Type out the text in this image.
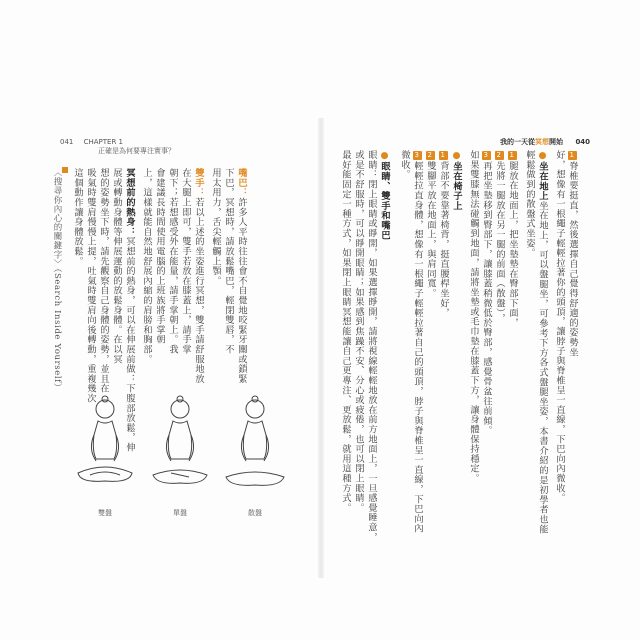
041 CHAPTER 1
正確是為何要專注實事？
我的一天從冥想開始 040
嘴巴：許多人平時往往會不自覺地咬緊牙關或鎖緊
下巴，冥想時，請放鬆嘴巴，輕閉雙唇，不
用太用力，舌尖輕觸上顎。
雙手：若以上述的坐姿進行冥想，雙手請舒服地放
在大腿上即可，雙手若放在膝蓋上，請手掌
朝下；若想感受外在能量，請手掌朝上。我
會建議長時間使用電腦的上班族將手掌朝
上，這樣就能自然地舒展內縮的肩膀和胸部。
冥想前的熱身：冥想前的熱身，可以在伸展前做：下腹部放鬆，伸
展或轉動身體等伸展運動的放鬆身體。在以冥
想的姿勢坐下時，請先觀察自己身體的姿勢，並且在
吸氣時雙肩慢慢上提，吐氣時雙肩向後轉動，重複幾次
這個動作讓身體放鬆。
〈搜尋你內心的關鍵字〉（Search Inside Yourself）
雙盤	單盤	散盤
1脊椎要挺直，然後選擇自己覺得舒適的姿勢坐
好，想像有一根繩子輕輕拉著你的頭頂，讓脖子與脊椎呈一直線，下巴向內微收。
●坐在地上坐在地上，可以盤腿坐，可參考下方各式盤腿坐姿，本書介紹的是初學者也能
輕鬆做到的散盤式坐姿。
1腿放在地面上，把坐墊墊在臀部下面，
2先將一腿放在另一腿的前面（散盤），
3再把坐墊移到臀部下，讓膝蓋稍微低於臀部，感覺骨盆往前傾。
如果雙膝無法碰觸到地面，請將坐墊或毛巾墊在膝蓋下方，讓身體保持穩定。
●坐在椅子上
1背部不要靠著椅背，挺直腰桿坐好，
2雙腳平放在地面上，與肩同寬。
3輕輕拉直身體，想像有一根繩子輕輕拉著自己的頭頂，脖子與脊椎呈一直線，下巴向內
微收。
●眼睛、雙手和嘴巴
眼睛：閉上眼睛或睜開，如果選擇睜開，請將視線輕輕地放在前方地面上，一旦感覺睡意，
或是不舒服時，可以睜開眼睛；如果感到焦躁不安、分心或疲倦，也可以閉上眼睛。
最好能固定一種方式，如果閉上眼睛冥想能讓自己更專注、更放鬆，就用這種方式。
